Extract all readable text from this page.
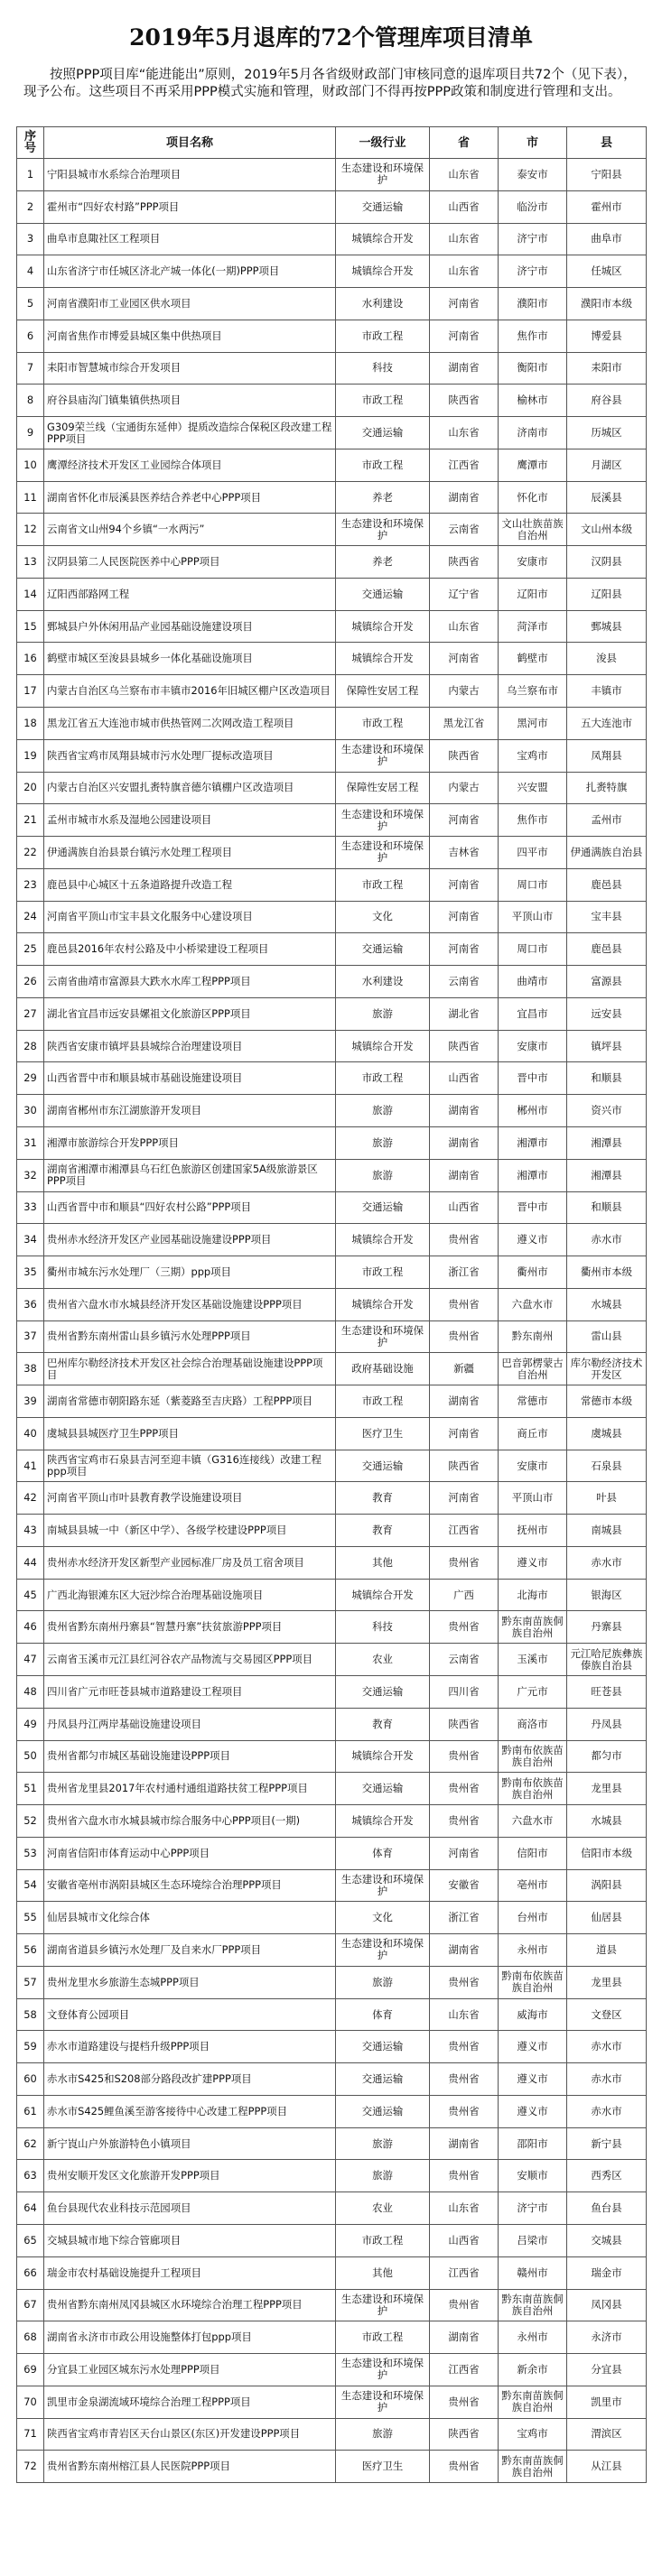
2019年5月退库的72个管理库项目清单
按照PPP项目库“能进能出”原则，2019年5月各省级财政部门审核同意的退库项目共72个（见下表），现予公布。这些项目不再采用PPP模式实施和管理，财政部门不得再按PPP政策和制度进行管理和支出。
序号	项目名称	一级行业	省	市	县
1	宁阳县城市水系综合治理项目	生态建设和环境保护	山东省	泰安市	宁阳县
2	霍州市“四好农村路”PPP项目	交通运输	山西省	临汾市	霍州市
3	曲阜市息陬社区工程项目	城镇综合开发	山东省	济宁市	曲阜市
4	山东省济宁市任城区济北产城一体化(一期)PPP项目	城镇综合开发	山东省	济宁市	任城区
5	河南省濮阳市工业园区供水项目	水利建设	河南省	濮阳市	濮阳市本级
6	河南省焦作市博爱县城区集中供热项目	市政工程	河南省	焦作市	博爱县
7	耒阳市智慧城市综合开发项目	科技	湖南省	衡阳市	耒阳市
8	府谷县庙沟门镇集镇供热项目	市政工程	陕西省	榆林市	府谷县
9	G309荣兰线（宝通街东延伸）提质改造综合保税区段改建工程PPP项目	交通运输	山东省	济南市	历城区
10	鹰潭经济技术开发区工业园综合体项目	市政工程	江西省	鹰潭市	月湖区
11	湖南省怀化市辰溪县医养结合养老中心PPP项目	养老	湖南省	怀化市	辰溪县
12	云南省文山州94个乡镇“一水两污”	生态建设和环境保护	云南省	文山壮族苗族自治州	文山州本级
13	汉阴县第二人民医院医养中心PPP项目	养老	陕西省	安康市	汉阴县
14	辽阳西部路网工程	交通运输	辽宁省	辽阳市	辽阳县
15	鄄城县户外休闲用品产业园基础设施建设项目	城镇综合开发	山东省	菏泽市	鄄城县
16	鹤壁市城区至浚县县城乡一体化基础设施项目	城镇综合开发	河南省	鹤壁市	浚县
17	内蒙古自治区乌兰察布市丰镇市2016年旧城区棚户区改造项目	保障性安居工程	内蒙古	乌兰察布市	丰镇市
18	黑龙江省五大连池市城市供热管网二次网改造工程项目	市政工程	黑龙江省	黑河市	五大连池市
19	陕西省宝鸡市凤翔县城市污水处理厂提标改造项目	生态建设和环境保护	陕西省	宝鸡市	凤翔县
20	内蒙古自治区兴安盟扎赉特旗音德尔镇棚户区改造项目	保障性安居工程	内蒙古	兴安盟	扎赉特旗
21	孟州市城市水系及湿地公园建设项目	生态建设和环境保护	河南省	焦作市	孟州市
22	伊通满族自治县景台镇污水处理工程项目	生态建设和环境保护	吉林省	四平市	伊通满族自治县
23	鹿邑县中心城区十五条道路提升改造工程	市政工程	河南省	周口市	鹿邑县
24	河南省平顶山市宝丰县文化服务中心建设项目	文化	河南省	平顶山市	宝丰县
25	鹿邑县2016年农村公路及中小桥梁建设工程项目	交通运输	河南省	周口市	鹿邑县
26	云南省曲靖市富源县大跌水水库工程PPP项目	水利建设	云南省	曲靖市	富源县
27	湖北省宜昌市远安县嫘祖文化旅游区PPP项目	旅游	湖北省	宜昌市	远安县
28	陕西省安康市镇坪县县城综合治理建设项目	城镇综合开发	陕西省	安康市	镇坪县
29	山西省晋中市和顺县城市基础设施建设项目	市政工程	山西省	晋中市	和顺县
30	湖南省郴州市东江湖旅游开发项目	旅游	湖南省	郴州市	资兴市
31	湘潭市旅游综合开发PPP项目	旅游	湖南省	湘潭市	湘潭县
32	湖南省湘潭市湘潭县乌石红色旅游区创建国家5A级旅游景区PPP项目	旅游	湖南省	湘潭市	湘潭县
33	山西省晋中市和顺县“四好农村公路”PPP项目	交通运输	山西省	晋中市	和顺县
34	贵州赤水经济开发区产业园基础设施建设PPP项目	城镇综合开发	贵州省	遵义市	赤水市
35	衢州市城东污水处理厂（三期）ppp项目	市政工程	浙江省	衢州市	衢州市本级
36	贵州省六盘水市水城县经济开发区基础设施建设PPP项目	城镇综合开发	贵州省	六盘水市	水城县
37	贵州省黔东南州雷山县乡镇污水处理PPP项目	生态建设和环境保护	贵州省	黔东南州	雷山县
38	巴州库尔勒经济技术开发区社会综合治理基础设施建设PPP项目	政府基础设施	新疆	巴音郭楞蒙古自治州	库尔勒经济技术开发区
39	湖南省常德市朝阳路东延（紫菱路至吉庆路）工程PPP项目	市政工程	湖南省	常德市	常德市本级
40	虞城县县城医疗卫生PPP项目	医疗卫生	河南省	商丘市	虞城县
41	陕西省宝鸡市石泉县吉河至迎丰镇（G316连接线）改建工程ppp项目	交通运输	陕西省	安康市	石泉县
42	河南省平顶山市叶县教育教学设施建设项目	教育	河南省	平顶山市	叶县
43	南城县县城一中（新区中学）、各级学校建设PPP项目	教育	江西省	抚州市	南城县
44	贵州赤水经济开发区新型产业园标准厂房及员工宿舍项目	其他	贵州省	遵义市	赤水市
45	广西北海银滩东区大冠沙综合治理基础设施项目	城镇综合开发	广西	北海市	银海区
46	贵州省黔东南州丹寨县“智慧丹寨”扶贫旅游PPP项目	科技	贵州省	黔东南苗族侗族自治州	丹寨县
47	云南省玉溪市元江县红河谷农产品物流与交易园区PPP项目	农业	云南省	玉溪市	元江哈尼族彝族傣族自治县
48	四川省广元市旺苍县城市道路建设工程项目	交通运输	四川省	广元市	旺苍县
49	丹凤县丹江两岸基础设施建设项目	教育	陕西省	商洛市	丹凤县
50	贵州省都匀市城区基础设施建设PPP项目	城镇综合开发	贵州省	黔南布依族苗族自治州	都匀市
51	贵州省龙里县2017年农村通村通组道路扶贫工程PPP项目	交通运输	贵州省	黔南布依族苗族自治州	龙里县
52	贵州省六盘水市水城县城市综合服务中心PPP项目(一期)	城镇综合开发	贵州省	六盘水市	水城县
53	河南省信阳市体育运动中心PPP项目	体育	河南省	信阳市	信阳市本级
54	安徽省亳州市涡阳县城区生态环境综合治理PPP项目	生态建设和环境保护	安徽省	亳州市	涡阳县
55	仙居县城市文化综合体	文化	浙江省	台州市	仙居县
56	湖南省道县乡镇污水处理厂及自来水厂PPP项目	生态建设和环境保护	湖南省	永州市	道县
57	贵州龙里水乡旅游生态城PPP项目	旅游	贵州省	黔南布依族苗族自治州	龙里县
58	文登体育公园项目	体育	山东省	威海市	文登区
59	赤水市道路建设与提档升级PPP项目	交通运输	贵州省	遵义市	赤水市
60	赤水市S425和S208部分路段改扩建PPP项目	交通运输	贵州省	遵义市	赤水市
61	赤水市S425鲤鱼溪至游客接待中心改建工程PPP项目	交通运输	贵州省	遵义市	赤水市
62	新宁崀山户外旅游特色小镇项目	旅游	湖南省	邵阳市	新宁县
63	贵州安顺开发区文化旅游开发PPP项目	旅游	贵州省	安顺市	西秀区
64	鱼台县现代农业科技示范园项目	农业	山东省	济宁市	鱼台县
65	交城县城市地下综合管廊项目	市政工程	山西省	吕梁市	交城县
66	瑞金市农村基础设施提升工程项目	其他	江西省	赣州市	瑞金市
67	贵州省黔东南州凤冈县城区水环境综合治理工程PPP项目	生态建设和环境保护	贵州省	黔东南苗族侗族自治州	凤冈县
68	湖南省永济市市政公用设施整体打包ppp项目	市政工程	湖南省	永州市	永济市
69	分宜县工业园区城东污水处理PPP项目	生态建设和环境保护	江西省	新余市	分宜县
70	凯里市金泉湖流域环境综合治理工程PPP项目	生态建设和环境保护	贵州省	黔东南苗族侗族自治州	凯里市
71	陕西省宝鸡市青岩区天台山景区(东区)开发建设PPP项目	旅游	陕西省	宝鸡市	渭滨区
72	贵州省黔东南州榕江县人民医院PPP项目	医疗卫生	贵州省	黔东南苗族侗族自治州	从江县
